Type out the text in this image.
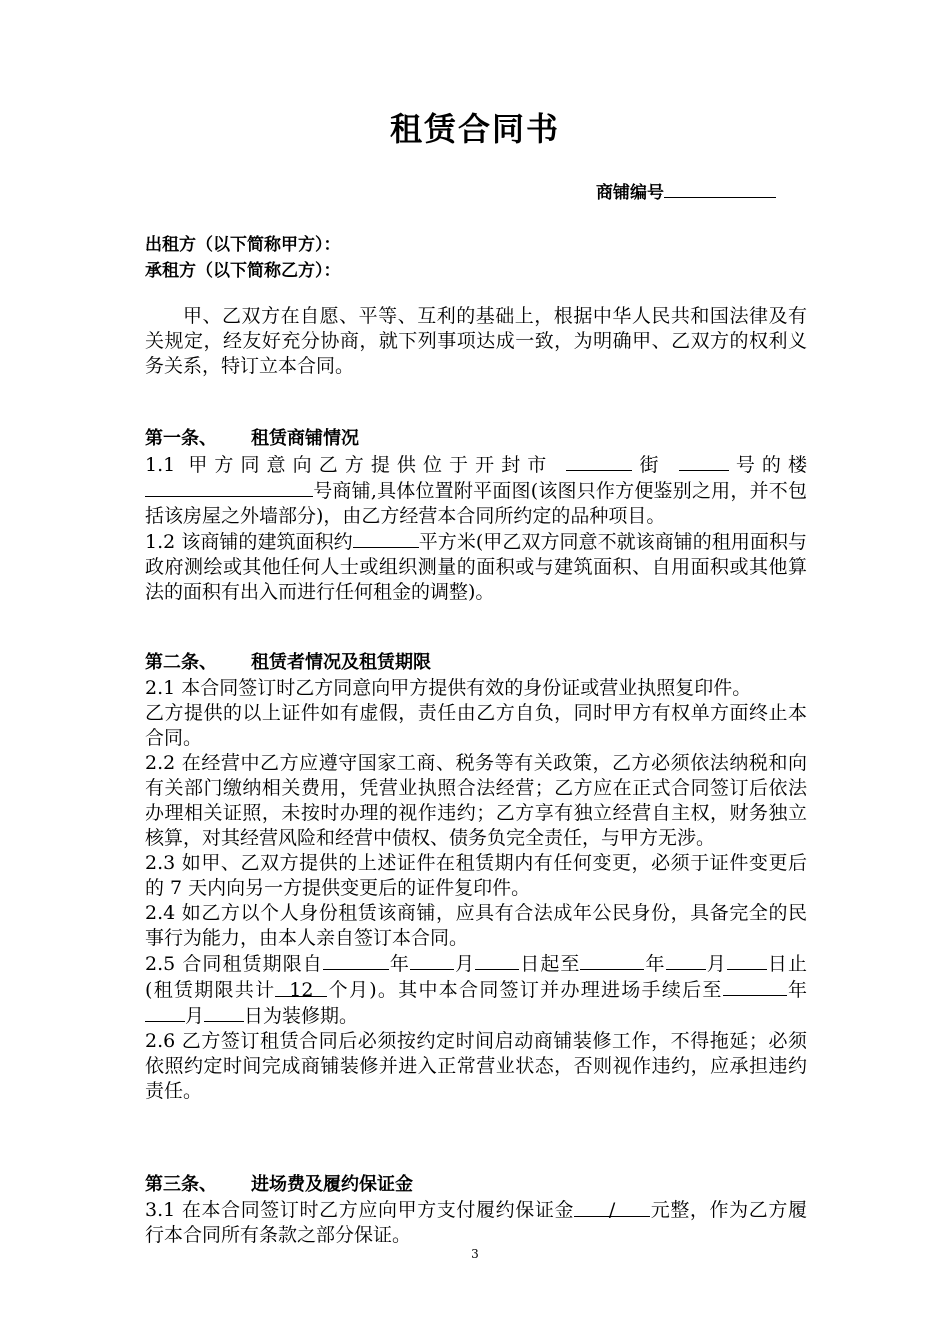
租赁合同书
商铺编号
出租方（以下简称甲方）：
承租方（以下简称乙方）：

甲、乙双方在自愿、平等、互利的基础上，根据中华人民共和国法律及有关规定，经友好充分协商，就下列事项达成一致，为明确甲、乙双方的权利义务关系，特订立本合同。

第一条、 租赁商铺情况

1.1 甲方同意向乙方提供位于开封市	街	号的楼号商铺,具体位置附平面图(该图只作方便鉴别之用，并不包括该房屋之外墙部分)，由乙方经营本合同所约定的品种项目。

1.2 该商铺的建筑面积约	平方米(甲乙双方同意不就该商铺的租用面积与政府测绘或其他任何人士或组织测量的面积或与建筑面积、自用面积或其他算法的面积有出入而进行任何租金的调整)。

第二条、 租赁者情况及租赁期限

2.1 本合同签订时乙方同意向甲方提供有效的身份证或营业执照复印件。

乙方提供的以上证件如有虚假，责任由乙方自负，同时甲方有权单方面终止本合同。

2.2 在经营中乙方应遵守国家工商、税务等有关政策，乙方必须依法纳税和向有关部门缴纳相关费用，凭营业执照合法经营；乙方应在正式合同签订后依法办理相关证照，未按时办理的视作违约；乙方享有独立经营自主权，财务独立核算，对其经营风险和经营中债权、债务负完全责任，与甲方无涉。

2.3 如甲、乙双方提供的上述证件在租赁期内有任何变更，必须于证件变更后的 7 天内向另一方提供变更后的证件复印件。

2.4 如乙方以个人身份租赁该商铺，应具有合法成年公民身份，具备完全的民事行为能力，由本人亲自签订本合同。

2.5 合同租赁期限自	年 月 日起至	年 月 日止(租赁期限共计 12 个月)。其中本合同签订并办理进场手续后至	年月 日为装修期。

2.6 乙方签订租赁合同后必须按约定时间启动商铺装修工作，不得拖延；必须依照约定时间完成商铺装修并进入正常营业状态，否则视作违约，应承担违约责任。

第三条、 进场费及履约保证金

3.1 在本合同签订时乙方应向甲方支付履约保证金 / 元整，作为乙方履行本合同所有条款之部分保证。

3
